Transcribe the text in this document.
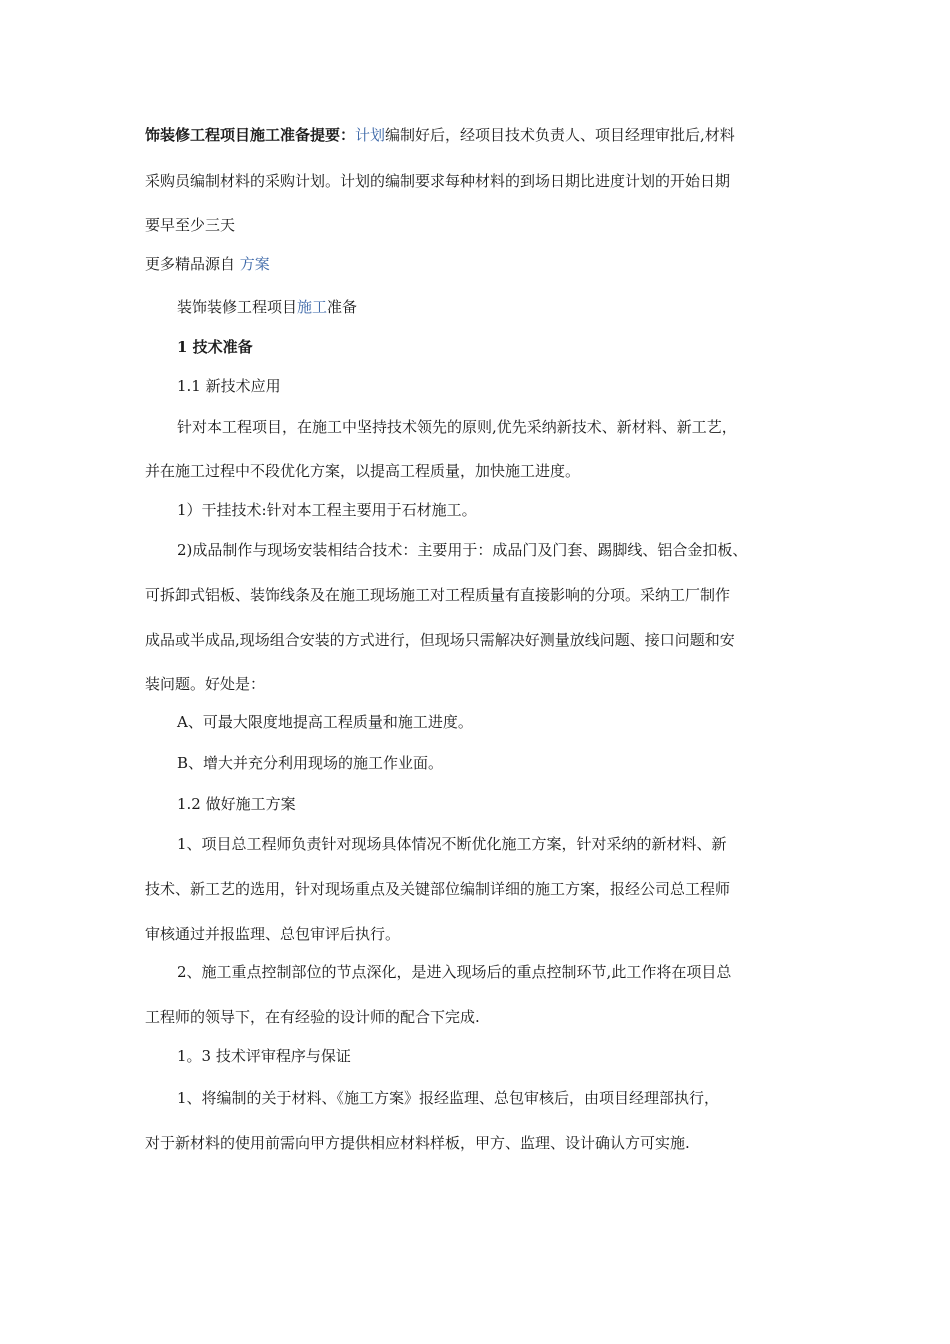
饰装修工程项目施工准备提要：计划编制好后，经项目技术负责人、项目经理审批后,材料
采购员编制材料的采购计划。计划的编制要求每种材料的到场日期比进度计划的开始日期
要早至少三天
更多精品源自 方案
装饰装修工程项目施工准备
1 技术准备
1.1 新技术应用
针对本工程项目，在施工中坚持技术领先的原则,优先采纳新技术、新材料、新工艺，
并在施工过程中不段优化方案，以提高工程质量，加快施工进度。
1）干挂技术:针对本工程主要用于石材施工。
2)成品制作与现场安装相结合技术：主要用于：成品门及门套、踢脚线、铝合金扣板、
可拆卸式铝板、装饰线条及在施工现场施工对工程质量有直接影响的分项。采纳工厂制作
成品或半成品,现场组合安装的方式进行，但现场只需解决好测量放线问题、接口问题和安
装问题。好处是：
A、可最大限度地提高工程质量和施工进度。
B、增大并充分利用现场的施工作业面。
1.2 做好施工方案
1、项目总工程师负责针对现场具体情况不断优化施工方案，针对采纳的新材料、新
技术、新工艺的选用，针对现场重点及关键部位编制详细的施工方案，报经公司总工程师
审核通过并报监理、总包审评后执行。
2、施工重点控制部位的节点深化，是进入现场后的重点控制环节,此工作将在项目总
工程师的领导下，在有经验的设计师的配合下完成.
1。3 技术评审程序与保证
1、将编制的关于材料、《施工方案》报经监理、总包审核后，由项目经理部执行，
对于新材料的使用前需向甲方提供相应材料样板，甲方、监理、设计确认方可实施.
